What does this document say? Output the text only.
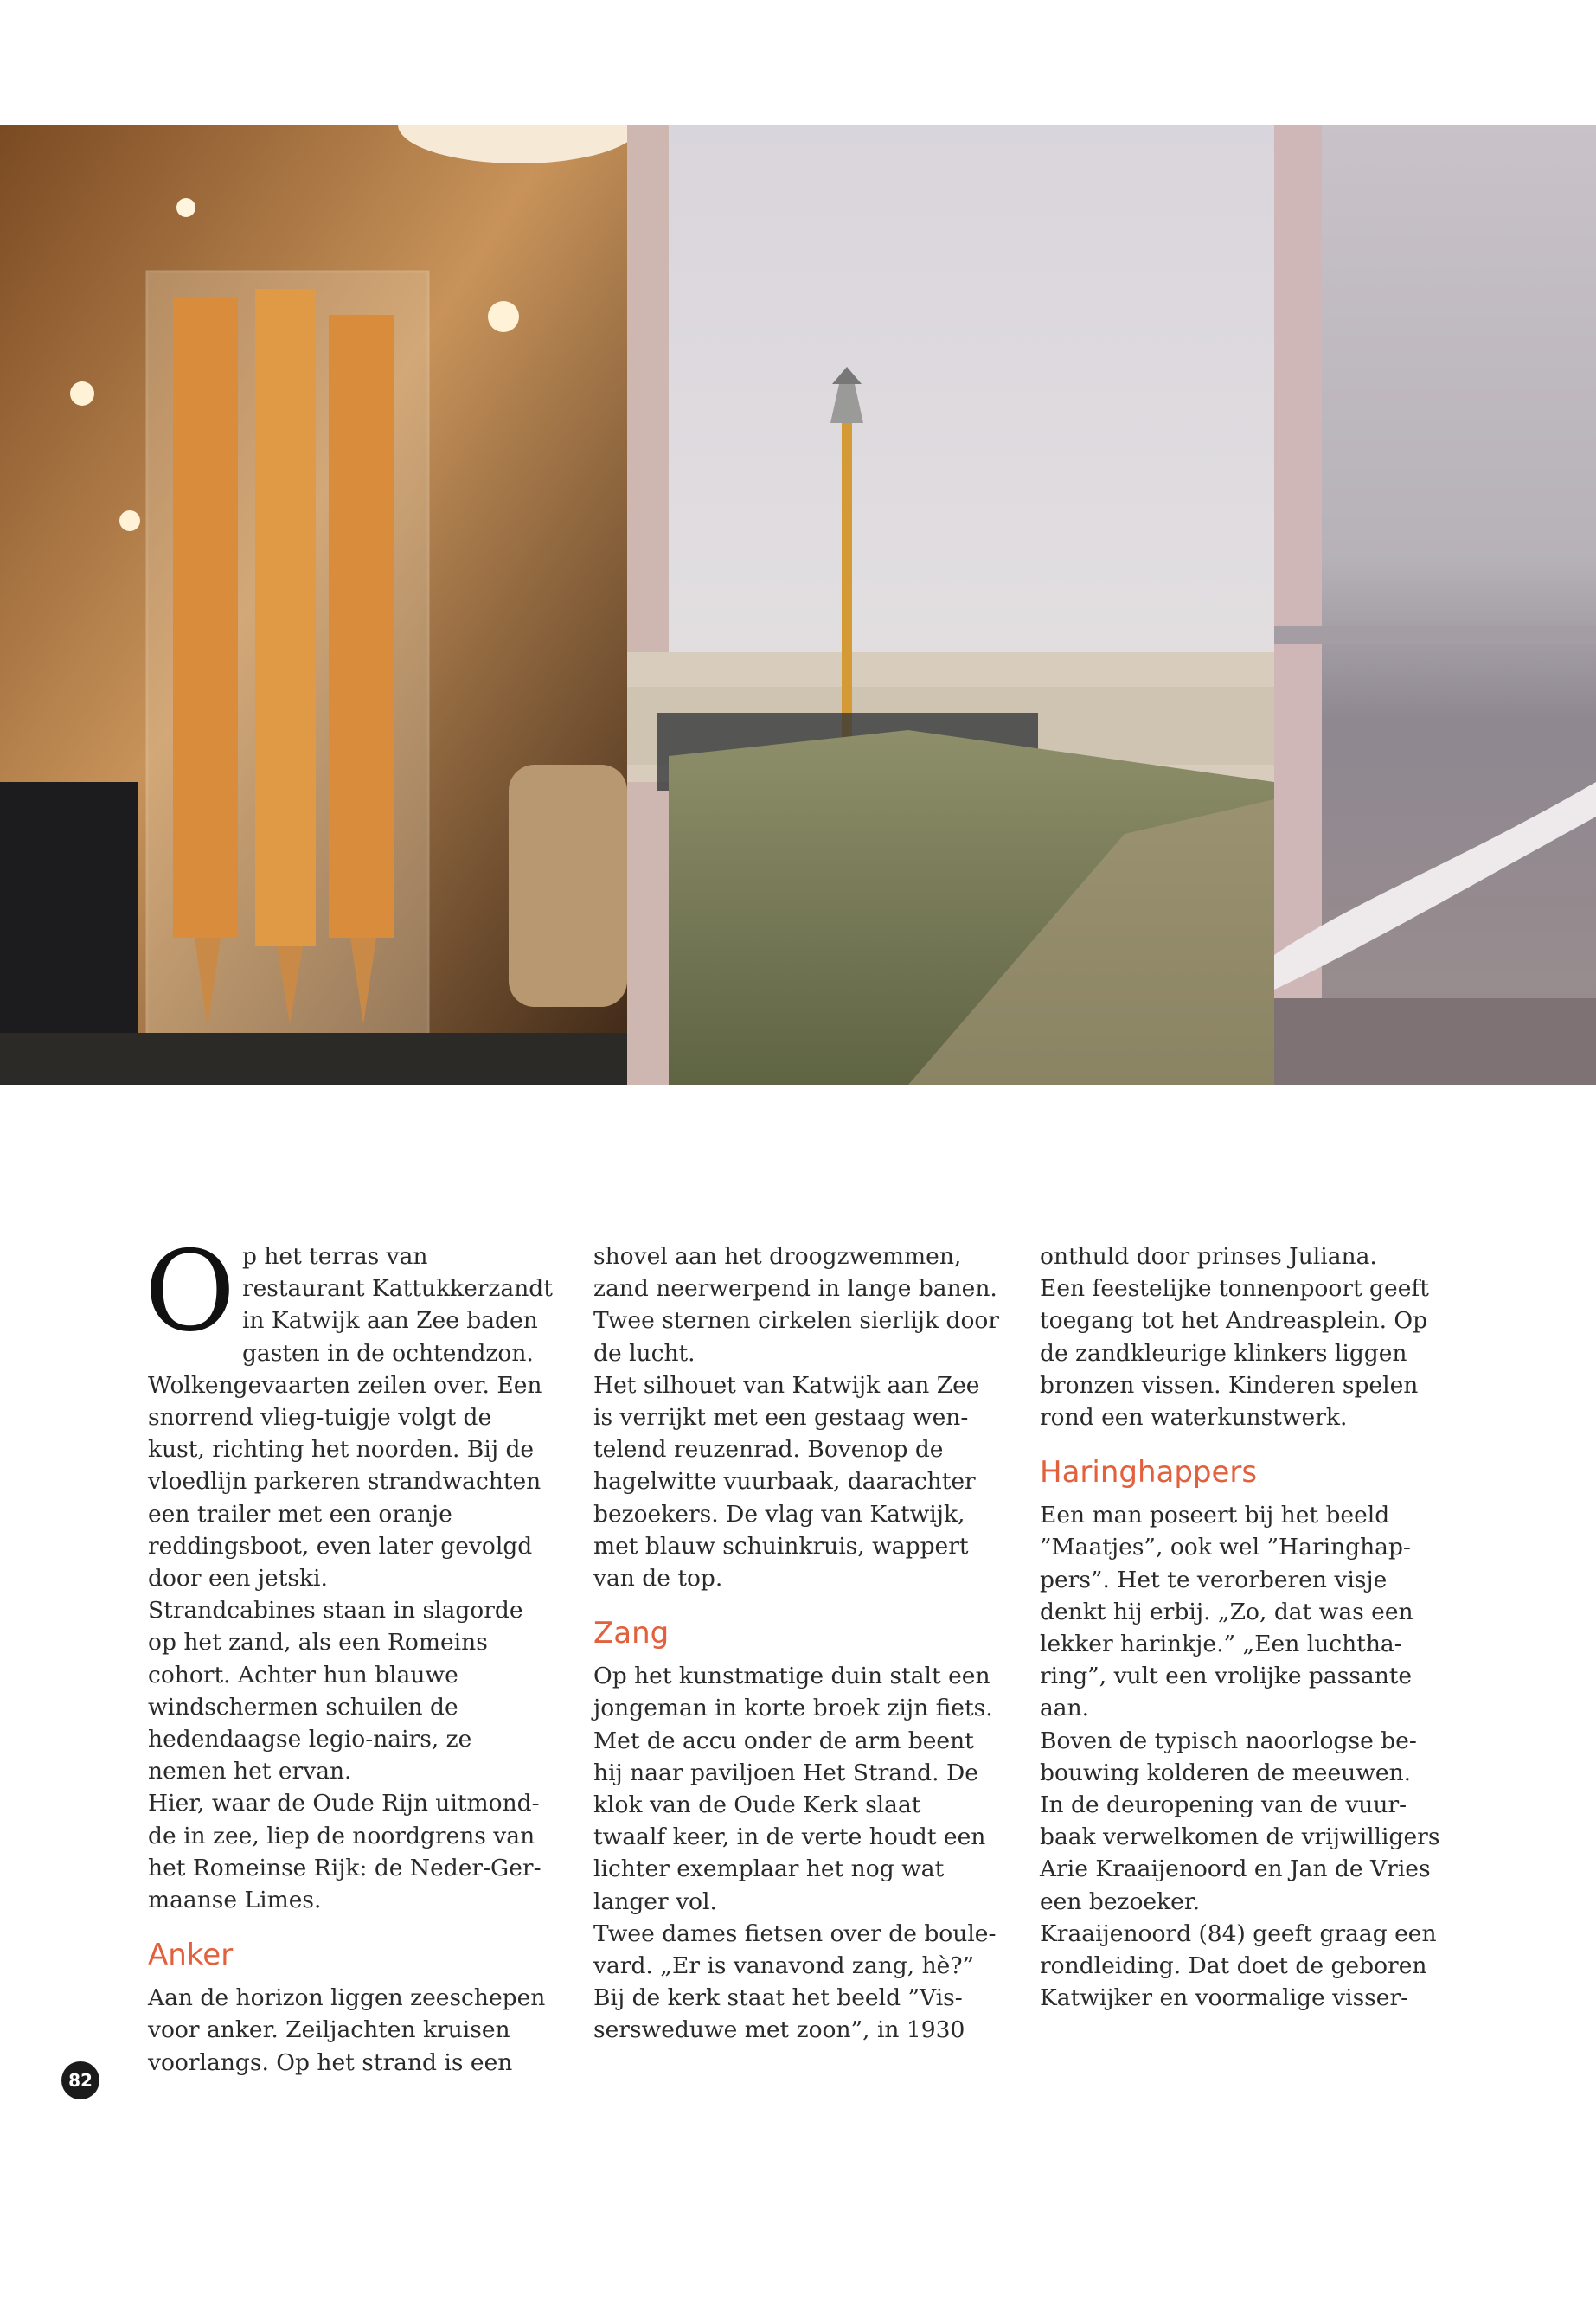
Op het terras van restaurant Kattukkerzandt in Katwijk aan Zee baden gasten in de ochtendzon. Wolkengevaarten zeilen over. Een snorrend vlieg-tuigje volgt de kust, richting het noorden. Bij de vloedlijn parkeren strandwachten een trailer met een oranje reddingsboot, even later gevolgd door een jetski.

Strandcabines staan in slagorde op het zand, als een Romeins cohort. Achter hun blauwe windschermen schuilen de hedendaagse legio-nairs, ze nemen het ervan.

Hier, waar de Oude Rijn uitmond-de in zee, liep de noordgrens van het Romeinse Rijk: de Neder-Ger-maanse Limes.

Anker

Aan de horizon liggen zeeschepen voor anker. Zeiljachten kruisen voorlangs. Op het strand is een

shovel aan het droogzwemmen, zand neerwerpend in lange banen. Twee sternen cirkelen sierlijk door de lucht.

Het silhouet van Katwijk aan Zee is verrijkt met een gestaag wen-telend reuzenrad. Bovenop de hagelwitte vuurbaak, daarachter bezoekers. De vlag van Katwijk, met blauw schuinkruis, wappert van de top.

Zang

Op het kunstmatige duin stalt een jongeman in korte broek zijn fiets. Met de accu onder de arm beent hij naar paviljoen Het Strand. De klok van de Oude Kerk slaat twaalf keer, in de verte houdt een lichter exemplaar het nog wat langer vol.

Twee dames fietsen over de boule-vard. „Er is vanavond zang, hè?”

Bij de kerk staat het beeld ”Vis-sersweduwe met zoon”, in 1930

onthuld door prinses Juliana.

Een feestelijke tonnenpoort geeft toegang tot het Andreasplein. Op de zandkleurige klinkers liggen bronzen vissen. Kinderen spelen rond een waterkunstwerk.

Haringhappers

Een man poseert bij het beeld ”Maatjes”, ook wel ”Haringhap-pers”. Het te verorberen visje denkt hij erbij. „Zo, dat was een lekker harinkje.” „Een luchtha-ring”, vult een vrolijke passante aan.

Boven de typisch naoorlogse be-bouwing kolderen de meeuwen.

In de deuropening van de vuur-baak verwelkomen de vrijwilligers Arie Kraaijenoord en Jan de Vries een bezoeker.

Kraaijenoord (84) geeft graag een rondleiding. Dat doet de geboren Katwijker en voormalige visser-

82
